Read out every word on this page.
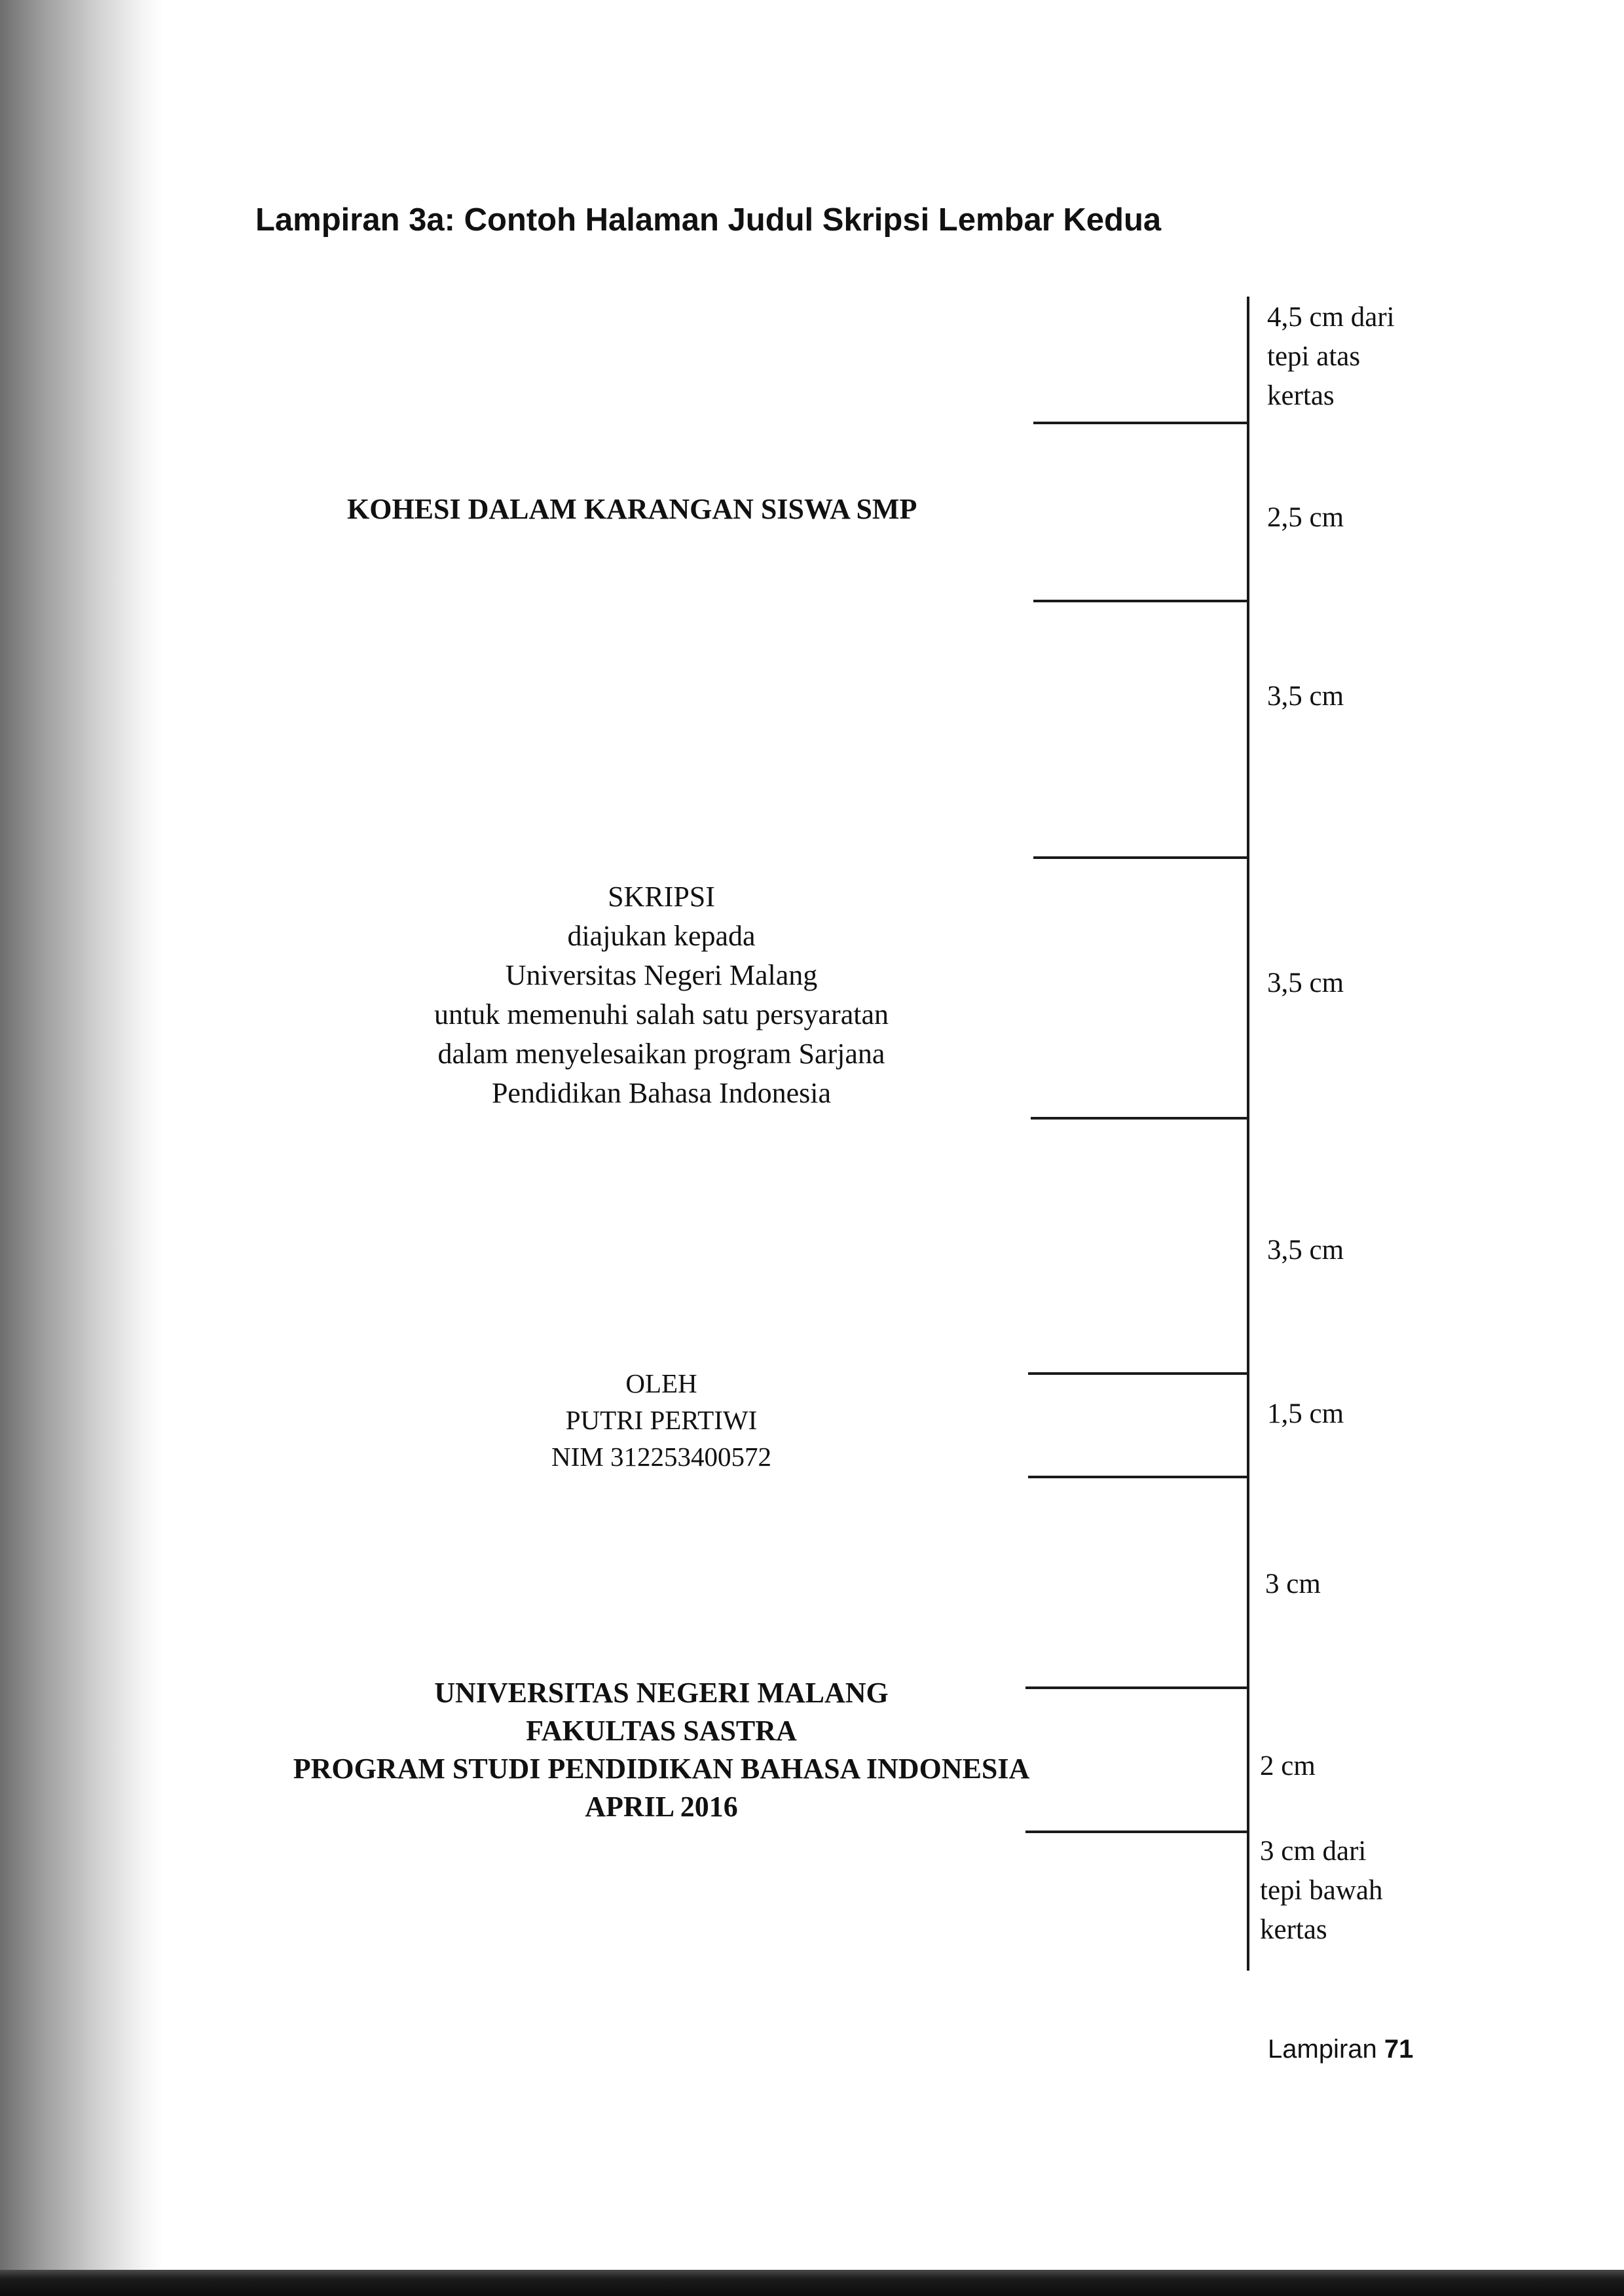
Lampiran 3a: Contoh Halaman Judul Skripsi Lembar Kedua
KOHESI DALAM KARANGAN SISWA SMP
SKRIPSI
diajukan kepada
Universitas Negeri Malang
untuk memenuhi salah satu persyaratan
dalam menyelesaikan program Sarjana
Pendidikan Bahasa Indonesia
OLEH
PUTRI PERTIWI
NIM 312253400572
UNIVERSITAS NEGERI MALANG
FAKULTAS SASTRA
PROGRAM STUDI PENDIDIKAN BAHASA INDONESIA
APRIL 2016
4,5 cm dari
tepi atas
kertas
2,5 cm
3,5 cm
3,5 cm
3,5 cm
1,5 cm
3 cm
2 cm
3 cm dari
tepi bawah
kertas
Lampiran 71
